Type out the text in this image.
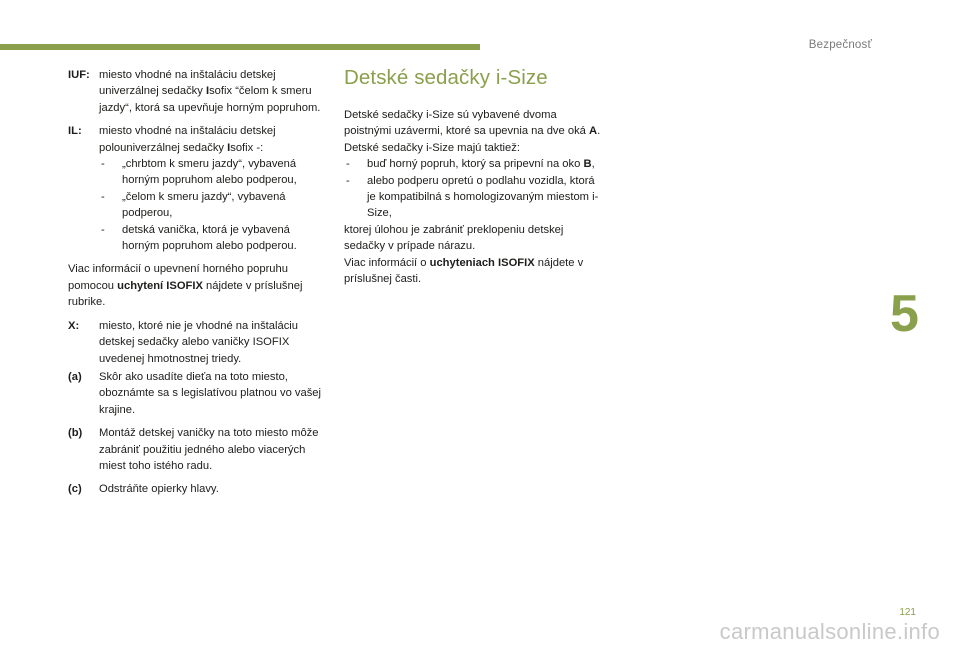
Bezpečnosť
5
121
carmanualsonline.info
IUF: miesto vhodné na inštaláciu detskej univerzálnej sedačky Isofix “čelom k smeru jazdy“, ktorá sa upevňuje horným popruhom.
IL:	miesto vhodné na inštaláciu detskej polouniverzálnej sedačky Isofix -:
-	„chrbtom k smeru jazdy“, vybavená horným popruhom alebo podperou,
-	„čelom k smeru jazdy“, vybavená podperou,
-	detská vanička, ktorá je vybavená horným popruhom alebo podperou.
Viac informácií o upevnení horného popruhu pomocou uchytení ISOFIX nájdete v príslušnej rubrike.
X:	miesto, ktoré nie je vhodné na inštaláciu detskej sedačky alebo vaničky ISOFIX uvedenej hmotnostnej triedy.
(a)	Skôr ako usadíte dieťa na toto miesto, oboznámte sa s legislatívou platnou vo vašej krajine.
(b)	Montáž detskej vaničky na toto miesto môže zabrániť použitiu jedného alebo viacerých miest toho istého radu.
(c)	Odstráňte opierky hlavy.
Detské sedačky i-Size
Detské sedačky i-Size sú vybavené dvoma poistnými uzávermi, ktoré sa upevnia na dve oká A.
Detské sedačky i-Size majú taktiež:
-	buď horný popruh, ktorý sa pripevní na oko B,
-	alebo podperu opretú o podlahu vozidla, ktorá je kompatibilná s homologizovaným miestom i-Size,
ktorej úlohou je zabrániť preklopeniu detskej sedačky v prípade nárazu.
Viac informácií o uchyteniach ISOFIX nájdete v príslušnej časti.
